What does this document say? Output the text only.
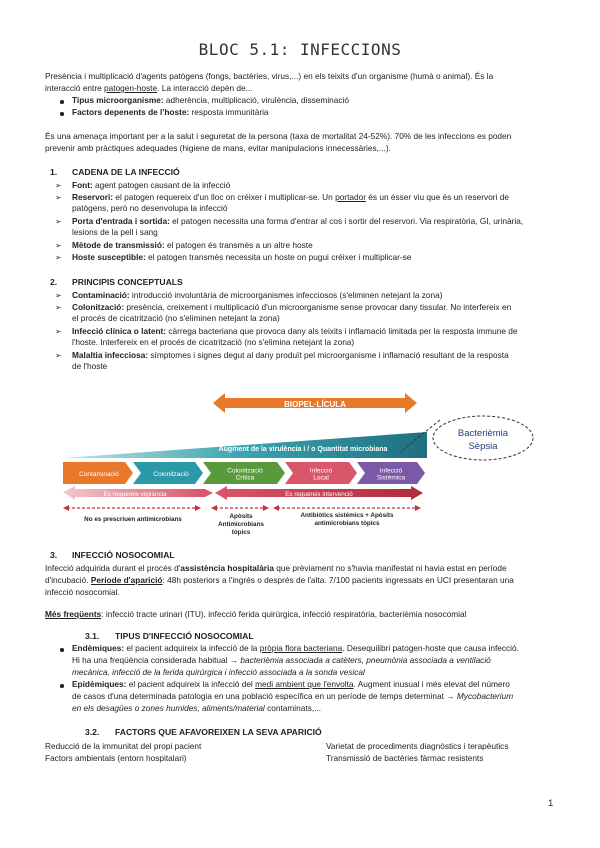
BLOC 5.1: INFECCIONS
Presència i multiplicació d'agents patògens (fongs, bactèries, virus,...) en els teixits d'un organisme (humà o animal). És la
interacció entre patogen-hoste. La interacció depèn de...
Tipus microorganisme: adherència, multiplicació, virulència, disseminació
Factors depenents de l'hoste: resposta immunitària
És una amenaça important per a la salut i seguretat de la persona (taxa de mortalitat 24-52%). 70% de les infeccions es poden
prevenir amb pràctiques adequades (higiene de mans, evitar manipulacions innecessàries,...).
1. CADENA DE LA INFECCIÓ
➢ Font: agent patogen causant de la infecció
➢ Reservori: el patogen requereix d'un lloc on créixer i multiplicar-se. Un portador és un ésser viu que és un reservori de
patògens, però no desenvolupa la infecció
➢ Porta d'entrada i sortida: el patogen necessita una forma d'entrar al cos i sortir del reservori. Via respiratòria, GI, urinària,
lesions de la pell i sang
➢ Mètode de transmissió: el patogen és transmès a un altre hoste
➢ Hoste susceptible: el patogen transmès necessita un hoste on pugui créixer i multiplicar-se
2. PRINCIPIS CONCEPTUALS
➢ Contaminació: introducció involuntària de microorganismes infecciosos (s'eliminen netejant la zona)
➢ Colonització: presència, creixement i multiplicació d'un microorganisme sense provocar dany tissular. No interfereix en
el procés de cicatrització (no s'eliminen netejant la zona)
➢ Infecció clínica o latent: càrrega bacteriana que provoca dany als teixits i inflamació limitada per la resposta immune de
l'hoste. Interfereix en el procés de cicatrització (no s'elimina netejant la zona)
➢ Malaltia infecciosa: símptomes i signes degut al dany produït pel microorganisme i inflamació resultant de la resposta
de l'hoste
BIOPEL·LÍCULA
Augment de la virulència i / o Quantitat microbiana
Bacterièmia
Sèpsia
Contaminació	Colonització	Colonització Crítica
Infecció Local
Infecció Sistèmica
Es requereix vigilància	Es requereix intervenció
No es prescriuen antimicrobians	Apòsits Antimicrobians tòpics
Antibiòtics sistèmics + Apòsits
antimicrobians tòpics
3. INFECCIÓ NOSOCOMIAL
Infecció adquirida durant el procés d'assistència hospitalària que prèviament no s'havia manifestat ni havia estat en període
d'incubació. Període d'aparició: 48h posteriors a l'ingrés o després de l'alta. 7/100 pacients ingressats en UCI presentaran una
infecció nosocomial.
Més freqüents: infecció tracte urinari (ITU), infecció ferida quirúrgica, infecció respiratòria, bacterièmia nosocomial
3.1. TIPUS D'INFECCIÓ NOSOCOMIAL
Endèmiques: el pacient adquireix la infecció de la pròpia flora bacteriana. Desequilibri patogen-hoste que causa infecció.
Hi ha una freqüència considerada habitual → bacterièmia associada a catèters, pneumònia associada a ventilació
mecànica, infecció de la ferida quirúrgica i infecció associada a la sonda vesical
Epidèmiques: el pacient adquireix la infecció del medi ambient que l'envolta. Augment inusual i més elevat del número
de casos d'una determinada patologia en una població específica en un període de temps determinat → Mycobacterium
en els desagües o zones humides, aliments/material contaminats,...
3.2. FACTORS QUE AFAVOREIXEN LA SEVA APARICIÓ
Reducció de la immunitat del propi pacient	Varietat de procediments diagnòstics i terapèutics
Factors ambientals (entorn hospitalari)	Transmissió de bactèries fàrmac resistents
1
